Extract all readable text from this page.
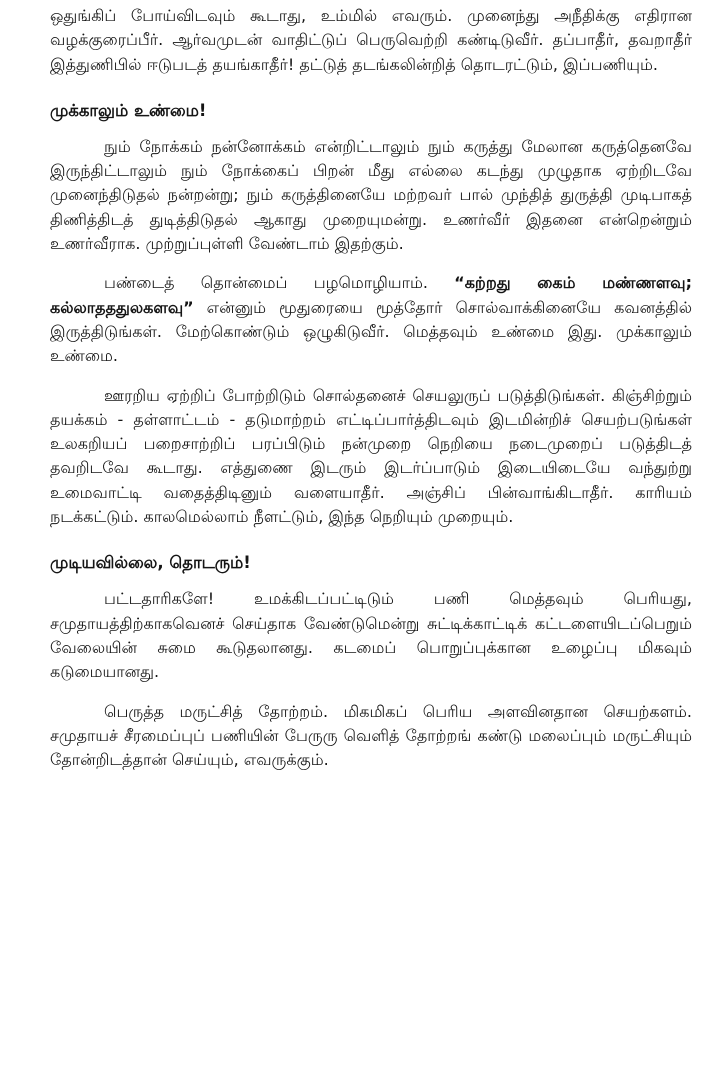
ஒதுங்கிப் போய்விடவும் கூடாது, உம்மில் எவரும். முனைந்து அநீதிக்கு எதிரான வழக்குரைப்பீர். ஆர்வமுடன் வாதிட்டுப் பெருவெற்றி கண்டிடுவீர். தப்பாதீர், தவறாதீர் இத்துணிபில் ஈடுபடத் தயங்காதீர்! தட்டுத் தடங்கலின்றித் தொடரட்டும், இப்பணியும்.

முக்காலும் உண்மை!

நும் நோக்கம் நன்னோக்கம் என்றிட்டாலும் நும் கருத்து மேலான கருத்தெனவே இருந்திட்டாலும் நும் நோக்கைப் பிறன் மீது எல்லை கடந்து முழுதாக ஏற்றிடவே முனைந்திடுதல் நன்றன்று; நும் கருத்தினையே மற்றவர் பால் முந்தித் துருத்தி முடிபாகத் திணித்திடத் துடித்திடுதல் ஆகாது முறையுமன்று. உணர்வீர் இதனை என்றென்றும் உணர்வீராக. முற்றுப்புள்ளி வேண்டாம் இதற்கும்.

பண்டைத் தொன்மைப் பழமொழியாம். “கற்றது கைம் மண்ணளவு; கல்லாதததுலகளவு” என்னும் மூதுரையை மூத்தோர் சொல்வாக்கினையே கவனத்தில் இருத்திடுங்கள். மேற்கொண்டும் ஒழுகிடுவீர். மெத்தவும் உண்மை இது. முக்காலும் உண்மை.

ஊரறிய ஏற்றிப் போற்றிடும் சொல்தனைச் செயலுருப் படுத்திடுங்கள். கிஞ்சிற்றும் தயக்கம் - தள்ளாட்டம் - தடுமாற்றம் எட்டிப்பார்த்திடவும் இடமின்றிச் செயற்படுங்கள் உலகறியப் பறைசாற்றிப் பரப்பிடும் நன்முறை நெறியை நடைமுறைப் படுத்திடத் தவறிடவே கூடாது. எத்துணை இடரும் இடர்ப்பாடும் இடையிடையே வந்துற்று உமைவாட்டி வதைத்திடினும் வளையாதீர். அஞ்சிப் பின்வாங்கிடாதீர். காரியம் நடக்கட்டும். காலமெல்லாம் நீளட்டும், இந்த நெறியும் முறையும்.

முடியவில்லை, தொடரும்!

பட்டதாரிகளே! உமக்கிடப்பட்டிடும் பணி மெத்தவும் பெரியது, சமுதாயத்திற்காகவெனச் செய்தாக வேண்டுமென்று சுட்டிக்காட்டிக் கட்டளையிடப்பெறும் வேலையின் சுமை கூடுதலானது. கடமைப் பொறுப்புக்கான உழைப்பு மிகவும் கடுமையானது.

பெருத்த மருட்சித் தோற்றம். மிகமிகப் பெரிய அளவினதான செயற்களம். சமுதாயச் சீரமைப்புப் பணியின் பேருரு வெளித் தோற்றங் கண்டு மலைப்பும் மருட்சியும் தோன்றிடத்தான் செய்யும், எவருக்கும்.
